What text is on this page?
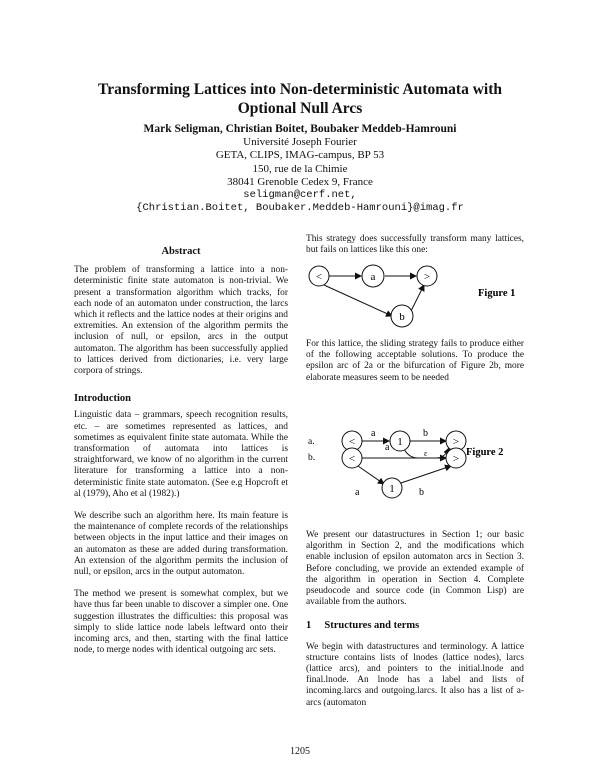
Transforming Lattices into Non-deterministic Automata with
Optional Null Arcs
Mark Seligman, Christian Boitet, Boubaker Meddeb-Hamrouni
Université Joseph Fourier
GETA, CLIPS, IMAG-campus, BP 53
150, rue de la Chimie
38041 Grenoble Cedex 9, France
seligman@cerf.net,
{Christian.Boitet, Boubaker.Meddeb-Hamrouni}@imag.fr
Abstract

The problem of transforming a lattice into a non-deterministic finite state automaton is non-trivial. We present a transformation algorithm which tracks, for each node of an automaton under construction, the larcs which it reflects and the lattice nodes at their origins and extremities. An extension of the algorithm permits the inclusion of null, or epsilon, arcs in the output automaton. The algorithm has been successfully applied to lattices derived from dictionaries, i.e. very large corpora of strings.

Introduction

Linguistic data – grammars, speech recognition results, etc. – are sometimes represented as lattices, and sometimes as equivalent finite state automata. While the transformation of automata into lattices is straightforward, we know of no algorithm in the current literature for transforming a lattice into a non-deterministic finite state automaton. (See e.g Hopcroft et al (1979), Aho et al (1982).)

We describe such an algorithm here. Its main feature is the maintenance of complete records of the relationships between objects in the input lattice and their images on an automaton as these are added during transformation. An extension of the algorithm permits the inclusion of null, or epsilon, arcs in the output automaton.

The method we present is somewhat complex, but we have thus far been unable to discover a simpler one. One suggestion illustrates the difficulties: this proposal was simply to slide lattice node labels leftward onto their incoming arcs, and then, starting with the final lattice node, to merge nodes with identical outgoing arc sets.

This strategy does successfully transform many lattices, but fails on lattices like this one:

<	a	>
b
Figure 1

For this lattice, the sliding strategy fails to produce either of the following acceptable solutions. To produce the epsilon arc of 2a or the bifurcation of Figure 2b, more elaborate measures seem to be needed

a.
a	b
ε
<	1	>
b.	Figure 2
a
a	b
<	>
1

We present our datastructures in Section 1; our basic algorithm in Section 2, and the modifications which enable inclusion of epsilon automaton arcs in Section 3. Before concluding, we provide an extended example of the algorithm in operation in Section 4. Complete pseudocode and source code (in Common Lisp) are available from the authors.

1 Structures and terms

We begin with datastructures and terminology. A lattice structure contains lists of lnodes (lattice nodes), larcs (lattice arcs), and pointers to the initial.lnode and final.lnode. An lnode has a label and lists of incoming.larcs and outgoing.larcs. It also has a list of a-arcs (automaton

1205
